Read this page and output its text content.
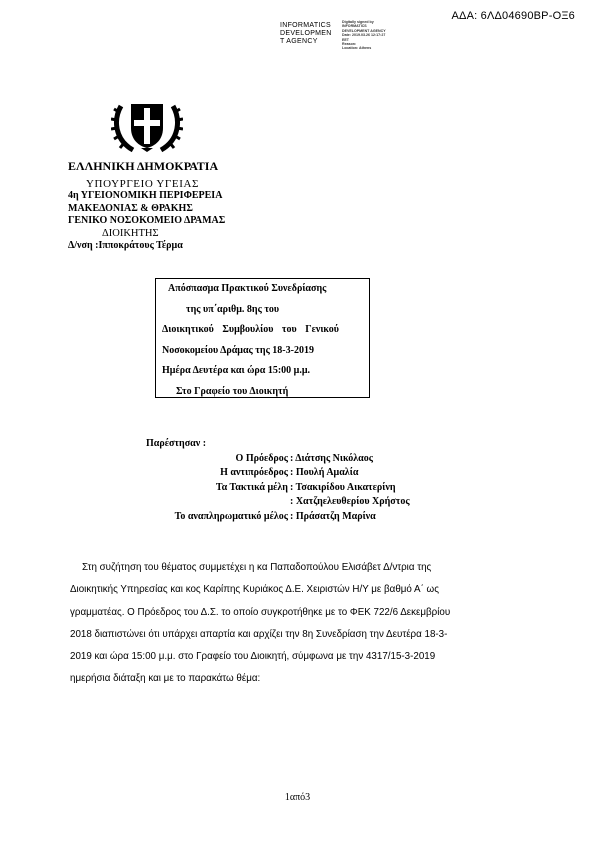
ΑΔΑ: 6ΛΔ04690ΒΡ-ΟΞ6
INFORMATICS
DEVELOPMEN
T AGENCY
Digitally signed by
INFORMATICS
DEVELOPMENT AGENCY
Date: 2019.03.26 12:17:27
EET
Reason:
Location: Athens
ΕΛΛΗΝΙΚΗ ΔΗΜΟΚΡΑΤΙΑ
ΥΠΟΥΡΓΕΙΟ ΥΓΕΙΑΣ
4η ΥΓΕΙΟΝΟΜΙΚΗ ΠΕΡΙΦΕΡΕΙΑ
ΜΑΚΕΔΟΝΙΑΣ & ΘΡΑΚΗΣ
ΓΕΝΙΚΟ ΝΟΣΟΚΟΜΕΙΟ ΔΡΑΜΑΣ
ΔΙΟΙΚΗΤΗΣ
Δ/νση :Ιπποκράτους Τέρμα
Απόσπασμα Πρακτικού Συνεδρίασης
της υπ΄αριθμ. 8ης του
Διοικητικού Συμβουλίου του Γενικού
Νοσοκομείου Δράμας της 18-3-2019
Ημέρα Δευτέρα και ώρα 15:00 μ.μ.
Στο Γραφείο του Διοικητή
Παρέστησαν :
Ο Πρόεδρος	: Διάτσης Νικόλαος
Η αντιπρόεδρος	: Πουλή Αμαλία
Τα Τακτικά μέλη	: Τσακιρίδου Αικατερίνη
	: Χατζηελευθερίου Χρήστος
Το αναπληρωματικό μέλος	: Πράσατζη Μαρίνα
Στη συζήτηση του θέματος συμμετέχει η κα Παπαδοπούλου Ελισάβετ Δ/ντρια της
Διοικητικής Υπηρεσίας και κος Καρίπης Κυριάκος Δ.Ε. Χειριστών Η/Υ με βαθμό Α΄ ως
γραμματέας. Ο Πρόεδρος του Δ.Σ. το οποίο συγκροτήθηκε με το ΦΕΚ 722/6 Δεκεμβρίου
2018 διαπιστώνει ότι υπάρχει απαρτία και αρχίζει την 8η Συνεδρίαση την Δευτέρα 18-3-
2019 και ώρα 15:00 μ.μ. στο Γραφείο του Διοικητή, σύμφωνα με την 4317/15-3-2019
ημερήσια διάταξη και με το παρακάτω θέμα:
1από3
